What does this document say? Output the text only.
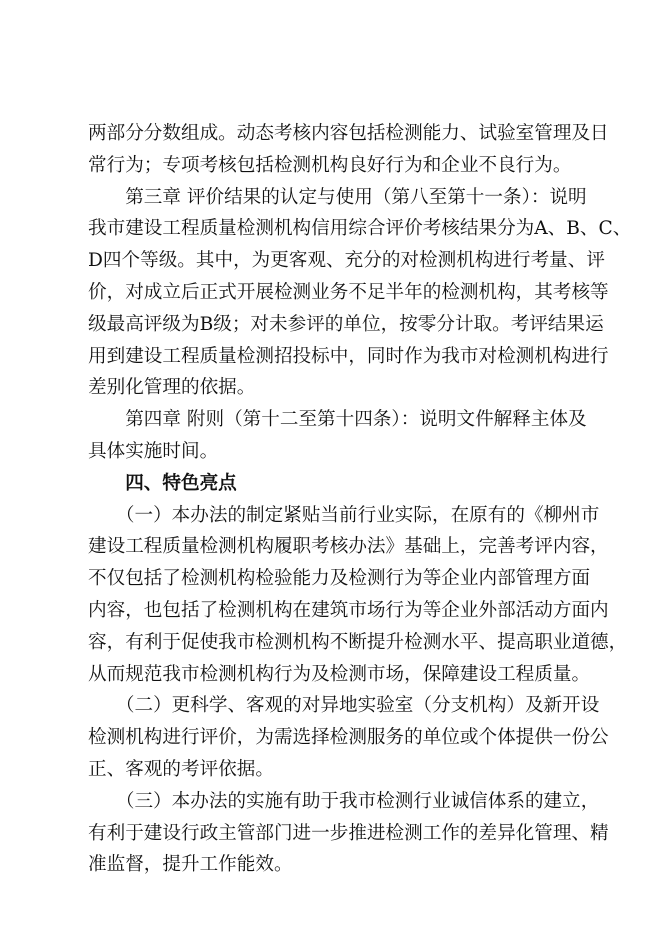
两部分分数组成。动态考核内容包括检测能力、试验室管理及日
常行为；专项考核包括检测机构良好行为和企业不良行为。
　　第三章 评价结果的认定与使用（第八至第十一条）：说明
我市建设工程质量检测机构信用综合评价考核结果分为A、B、C、
D四个等级。其中，为更客观、充分的对检测机构进行考量、评
价，对成立后正式开展检测业务不足半年的检测机构，其考核等
级最高评级为B级；对未参评的单位，按零分计取。考评结果运
用到建设工程质量检测招投标中，同时作为我市对检测机构进行
差别化管理的依据。
　　第四章 附则（第十二至第十四条）：说明文件解释主体及
具体实施时间。
　　四、特色亮点
　　（一）本办法的制定紧贴当前行业实际，在原有的《柳州市
建设工程质量检测机构履职考核办法》基础上，完善考评内容，
不仅包括了检测机构检验能力及检测行为等企业内部管理方面
内容，也包括了检测机构在建筑市场行为等企业外部活动方面内
容，有利于促使我市检测机构不断提升检测水平、提高职业道德，
从而规范我市检测机构行为及检测市场，保障建设工程质量。
　　（二）更科学、客观的对异地实验室（分支机构）及新开设
检测机构进行评价，为需选择检测服务的单位或个体提供一份公
正、客观的考评依据。
　　（三）本办法的实施有助于我市检测行业诚信体系的建立，
有利于建设行政主管部门进一步推进检测工作的差异化管理、精
准监督，提升工作能效。
